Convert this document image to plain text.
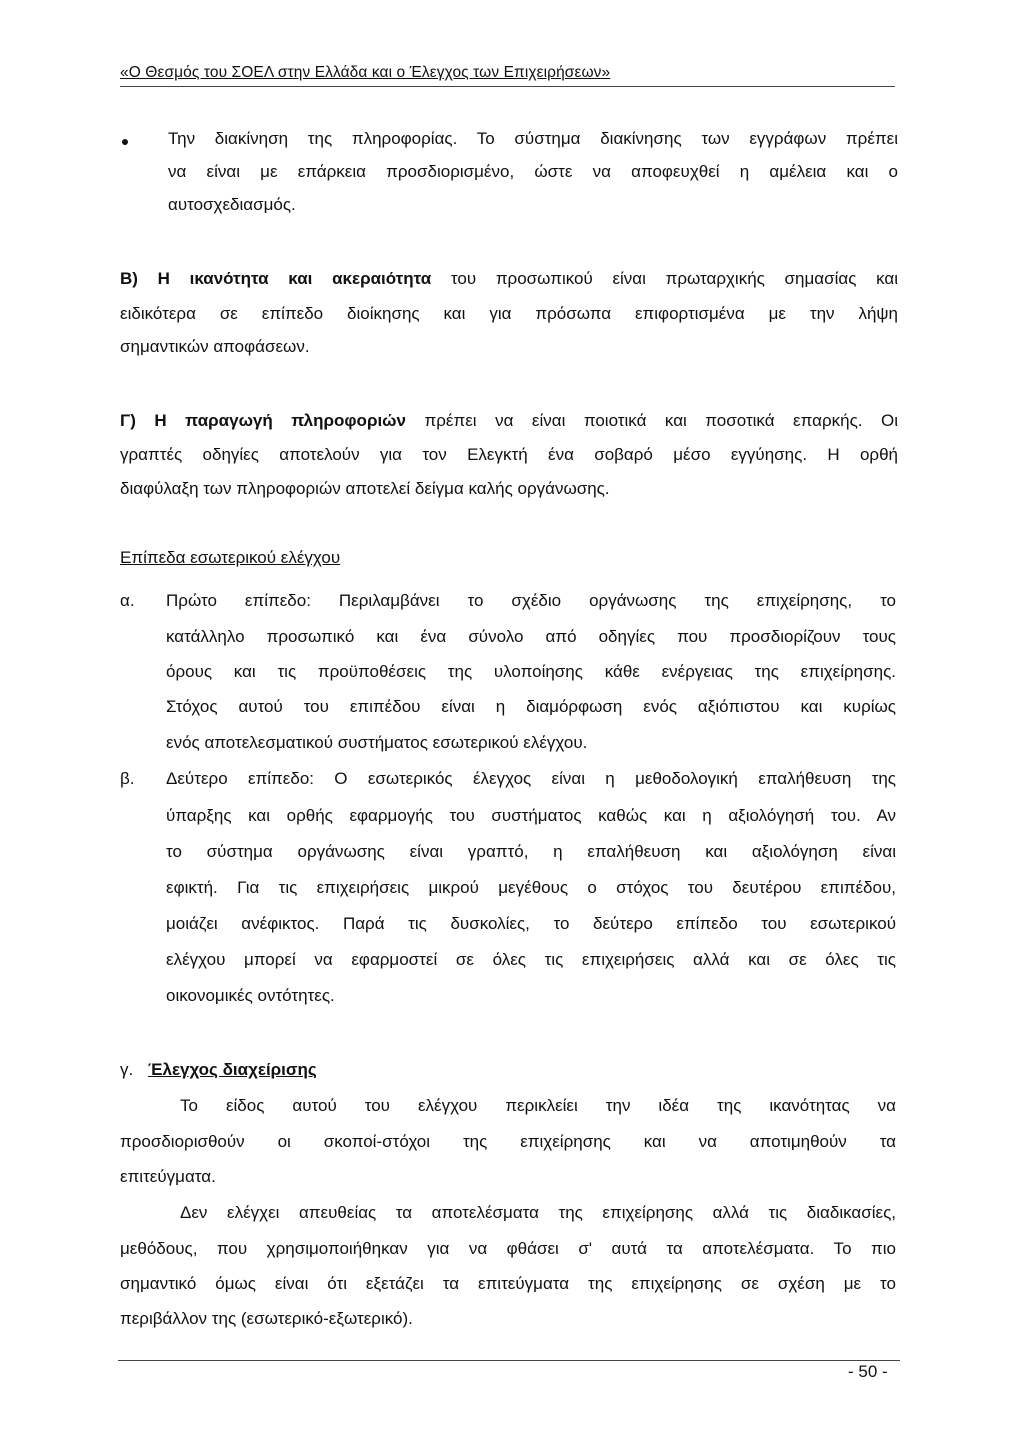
«Ο Θεσμός του ΣΟΕΛ στην Ελλάδα και ο Έλεγχος των Επιχειρήσεων»
Την διακίνηση της πληροφορίας. Το σύστημα διακίνησης των εγγράφων πρέπει
να είναι με επάρκεια προσδιορισμένο, ώστε να αποφευχθεί η αμέλεια και ο
αυτοσχεδιασμός.
Β) Η ικανότητα και ακεραιότητα του προσωπικού είναι πρωταρχικής σημασίας και
ειδικότερα σε επίπεδο διοίκησης και για πρόσωπα επιφορτισμένα με την λήψη
σημαντικών αποφάσεων.
Γ) Η παραγωγή πληροφοριών πρέπει να είναι ποιοτικά και ποσοτικά επαρκής. Οι
γραπτές οδηγίες αποτελούν για τον Ελεγκτή ένα σοβαρό μέσο εγγύησης. Η ορθή
διαφύλαξη των πληροφοριών αποτελεί δείγμα καλής οργάνωσης.
Επίπεδα εσωτερικού ελέγχου
α. Πρώτο επίπεδο: Περιλαμβάνει το σχέδιο οργάνωσης της επιχείρησης, το
κατάλληλο προσωπικό και ένα σύνολο από οδηγίες που προσδιορίζουν τους
όρους και τις προϋποθέσεις της υλοποίησης κάθε ενέργειας της επιχείρησης.
Στόχος αυτού του επιπέδου είναι η διαμόρφωση ενός αξιόπιστου και κυρίως
ενός αποτελεσματικού συστήματος εσωτερικού ελέγχου.
β. Δεύτερο επίπεδο: Ο εσωτερικός έλεγχος είναι η μεθοδολογική επαλήθευση της
ύπαρξης και ορθής εφαρμογής του συστήματος καθώς και η αξιολόγησή του. Αν
το σύστημα οργάνωσης είναι γραπτό, η επαλήθευση και αξιολόγηση είναι
εφικτή. Για τις επιχειρήσεις μικρού μεγέθους ο στόχος του δευτέρου επιπέδου,
μοιάζει ανέφικτος. Παρά τις δυσκολίες, το δεύτερο επίπεδο του εσωτερικού
ελέγχου μπορεί να εφαρμοστεί σε όλες τις επιχειρήσεις αλλά και σε όλες τις
οικονομικές οντότητες.
γ. Έλεγχος διαχείρισης
Το είδος αυτού του ελέγχου περικλείει την ιδέα της ικανότητας να
προσδιορισθούν οι σκοποί-στόχοι της επιχείρησης και να αποτιμηθούν τα
επιτεύγματα.
Δεν ελέγχει απευθείας τα αποτελέσματα της επιχείρησης αλλά τις διαδικασίες,
μεθόδους, που χρησιμοποιήθηκαν για να φθάσει σ' αυτά τα αποτελέσματα. Το πιο
σημαντικό όμως είναι ότι εξετάζει τα επιτεύγματα της επιχείρησης σε σχέση με το
περιβάλλον της (εσωτερικό-εξωτερικό).
- 50 -
